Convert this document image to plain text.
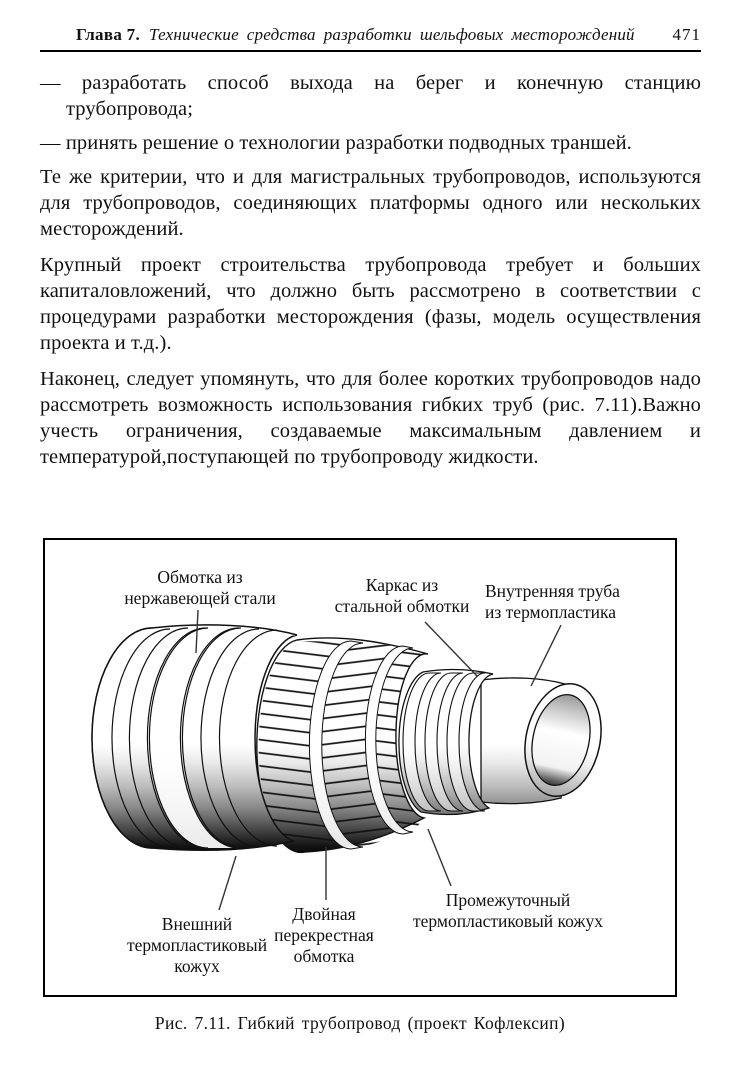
Глава 7. Технические средства разработки шельфовых месторождений 471

— разработать способ выхода на берег и конечную станцию трубопровода;

— принять решение о технологии разработки подводных траншей.

Те же критерии, что и для магистральных трубопроводов, используются для трубопроводов, соединяющих платформы одного или нескольких месторождений.

Крупный проект строительства трубопровода требует и больших капиталовложений, что должно быть рассмотрено в соответствии с процедурами разработки месторождения (фазы, модель осуществления проекта и т.д.).

Наконец, следует упомянуть, что для более коротких трубопроводов надо рассмотреть возможность использования гибких труб (рис. 7.11).Важно учесть ограничения, создаваемые максимальным давлением и температурой,поступающей по трубопроводу жидкости.

Обмотка из
нержавеющей стали
Каркас из
стальной обмотки
Внутренняя труба
из термопластика
Внешний
термопластиковый
кожух
Двойная
перекрестная
обмотка
Промежуточный
термопластиковый кожух
Рис. 7.11. Гибкий трубопровод (проект Кофлексип)
